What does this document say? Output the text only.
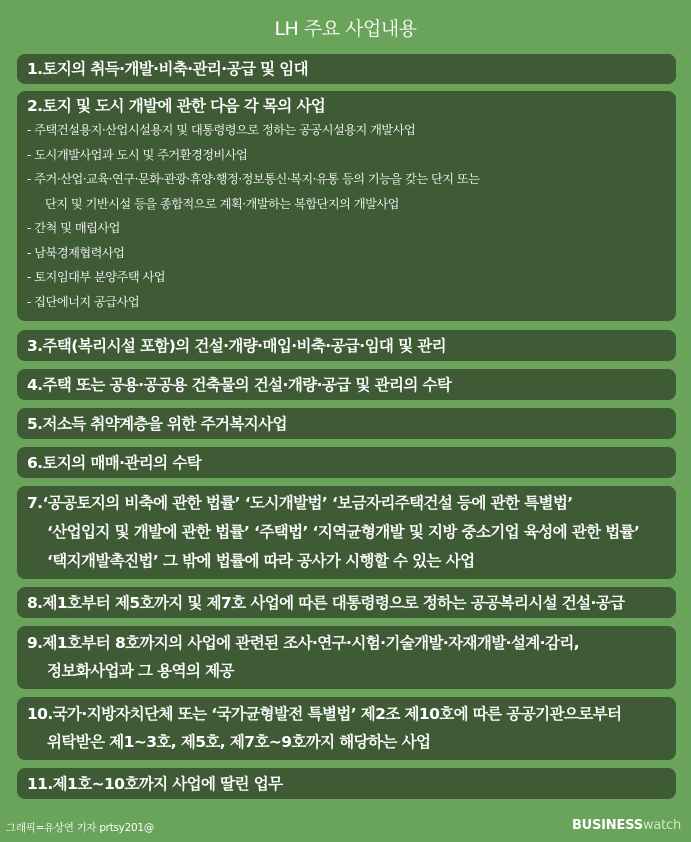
LH 주요 사업내용
1.토지의 취득·개발·비축·관리·공급 및 임대
2.토지 및 도시 개발에 관한 다음 각 목의 사업
- 주택건설용지·산업시설용지 및 대통령령으로 정하는 공공시설용지 개발사업
- 도시개발사업과 도시 및 주거환경정비사업
- 주거·산업·교육·연구·문화·관광·휴양·행정·정보통신·복지·유통 등의 기능을 갖는 단지 또는
단지 및 기반시설 등을 종합적으로 계획·개발하는 복합단지의 개발사업
- 간척 및 매립사업
- 남북경제협력사업
- 토지임대부 분양주택 사업
- 집단에너지 공급사업
3.주택(복리시설 포함)의 건설·개량·매입·비축·공급·임대 및 관리
4.주택 또는 공용·공공용 건축물의 건설·개량·공급 및 관리의 수탁
5.저소득 취약계층을 위한 주거복지사업
6.토지의 매매·관리의 수탁
7.‘공공토지의 비축에 관한 법률’ ‘도시개발법’ ‘보금자리주택건설 등에 관한 특별법’
‘산업입지 및 개발에 관한 법률’ ‘주택법’ ‘지역균형개발 및 지방 중소기업 육성에 관한 법률’
‘택지개발촉진법’ 그 밖에 법률에 따라 공사가 시행할 수 있는 사업
8.제1호부터 제5호까지 및 제7호 사업에 따른 대통령령으로 정하는 공공복리시설 건설·공급
9.제1호부터 8호까지의 사업에 관련된 조사·연구·시험·기술개발·자재개발·설계·감리,
정보화사업과 그 용역의 제공
10.국가·지방자치단체 또는 ‘국가균형발전 특별법’ 제2조 제10호에 따른 공공기관으로부터
위탁받은 제1~3호, 제5호, 제7호~9호까지 해당하는 사업
11.제1호~10호까지 사업에 딸린 업무
그래픽=유상연 기자 prtsy201@	BUSINESSwatch
